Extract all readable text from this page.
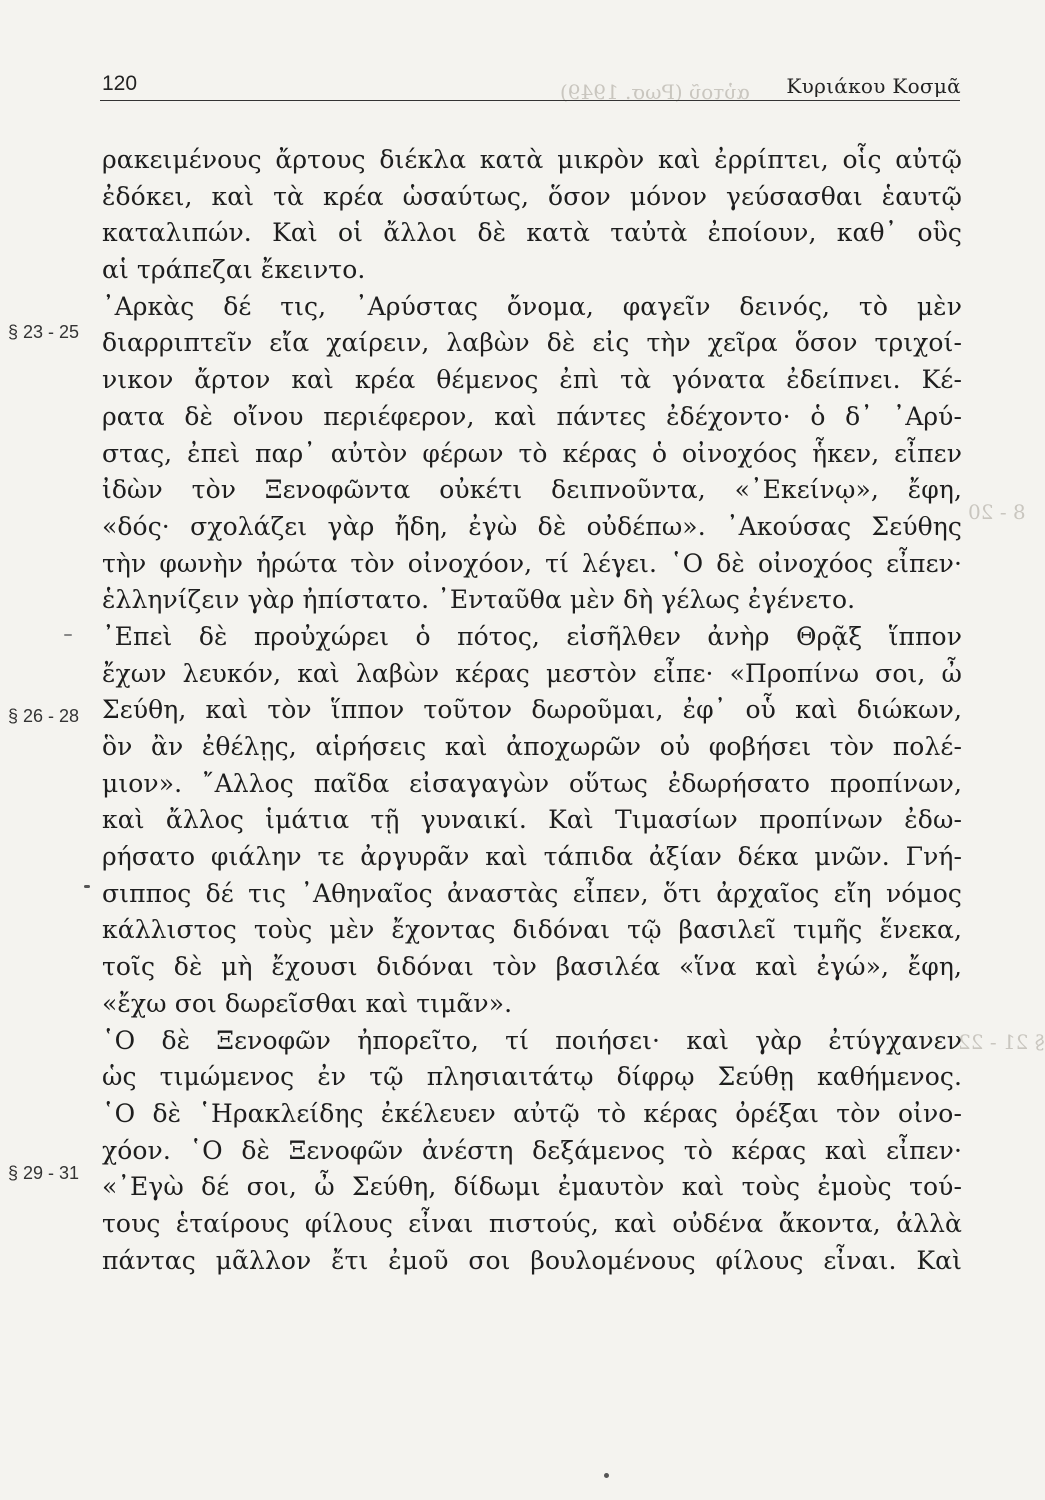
αὐτοῦ (Ρωσ. 1949)
8 - 20
§ 21 - 22
120	Κυριάκου Κοσμᾶ
§ 23 - 25
§ 26 - 28
§ 29 - 31
ρακειμένους ἄρτους διέκλα κατὰ μικρὸν καὶ ἐρρίπτει, οἷς αὐτῷ
ἐδόκει, καὶ τὰ κρέα ὡσαύτως, ὅσον μόνον γεύσασθαι ἑαυτῷ
καταλιπών. Καὶ οἱ ἄλλοι δὲ κατὰ ταὐτὰ ἐποίουν, καθ᾽ οὓς
αἱ τράπεζαι ἔκειντο.
᾽Αρκὰς δέ τις, ᾽Αρύστας ὄνομα, φαγεῖν δεινός, τὸ μὲν
διαρριπτεῖν εἴα χαίρειν, λαβὼν δὲ εἰς τὴν χεῖρα ὅσον τριχοί-
νικον ἄρτον καὶ κρέα θέμενος ἐπὶ τὰ γόνατα ἐδείπνει. Κέ-
ρατα δὲ οἴνου περιέφερον, καὶ πάντες ἐδέχοντο· ὁ δ᾽ ᾽Αρύ-
στας, ἐπεὶ παρ᾽ αὐτὸν φέρων τὸ κέρας ὁ οἰνοχόος ἧκεν, εἶπεν
ἰδὼν τὸν Ξενοφῶντα οὐκέτι δειπνοῦντα, «᾽Εκείνῳ», ἔφη,
«δός· σχολάζει γὰρ ἤδη, ἐγὼ δὲ οὐδέπω». ᾽Ακούσας Σεύθης
τὴν φωνὴν ἠρώτα τὸν οἰνοχόον, τί λέγει. ῾Ο δὲ οἰνοχόος εἶπεν·
ἑλληνίζειν γὰρ ἠπίστατο. ᾽Ενταῦθα μὲν δὴ γέλως ἐγένετο.
᾽Επεὶ δὲ προὐχώρει ὁ πότος, εἰσῆλθεν ἀνὴρ Θρᾷξ ἵππον
ἔχων λευκόν, καὶ λαβὼν κέρας μεστὸν εἶπε· «Προπίνω σοι, ὦ
Σεύθη, καὶ τὸν ἵππον τοῦτον δωροῦμαι, ἐφ᾽ οὗ καὶ διώκων,
ὃν ἂν ἐθέλῃς, αἱρήσεις καὶ ἀποχωρῶν οὐ φοβήσει τὸν πολέ-
μιον». ῎Αλλος παῖδα εἰσαγαγὼν οὕτως ἐδωρήσατο προπίνων,
καὶ ἄλλος ἱμάτια τῇ γυναικί. Καὶ Τιμασίων προπίνων ἐδω-
ρήσατο φιάλην τε ἀργυρᾶν καὶ τάπιδα ἀξίαν δέκα μνῶν. Γνή-
σιππος δέ τις ᾽Αθηναῖος ἀναστὰς εἶπεν, ὅτι ἀρχαῖος εἴη νόμος
κάλλιστος τοὺς μὲν ἔχοντας διδόναι τῷ βασιλεῖ τιμῆς ἕνεκα,
τοῖς δὲ μὴ ἔχουσι διδόναι τὸν βασιλέα «ἵνα καὶ ἐγώ», ἔφη,
«ἔχω σοι δωρεῖσθαι καὶ τιμᾶν».
῾Ο δὲ Ξενοφῶν ἠπορεῖτο, τί ποιήσει· καὶ γὰρ ἐτύγχανεν
ὡς τιμώμενος ἐν τῷ πλησιαιτάτῳ δίφρῳ Σεύθῃ καθήμενος.
῾Ο δὲ ῾Ηρακλείδης ἐκέλευεν αὐτῷ τὸ κέρας ὀρέξαι τὸν οἰνο-
χόον. ῾Ο δὲ Ξενοφῶν ἀνέστη δεξάμενος τὸ κέρας καὶ εἶπεν·
«᾽Εγὼ δέ σοι, ὦ Σεύθη, δίδωμι ἐμαυτὸν καὶ τοὺς ἐμοὺς τού-
τους ἑταίρους φίλους εἶναι πιστούς, καὶ οὐδένα ἄκοντα, ἀλλὰ
πάντας μᾶλλον ἔτι ἐμοῦ σοι βουλομένους φίλους εἶναι. Καὶ
